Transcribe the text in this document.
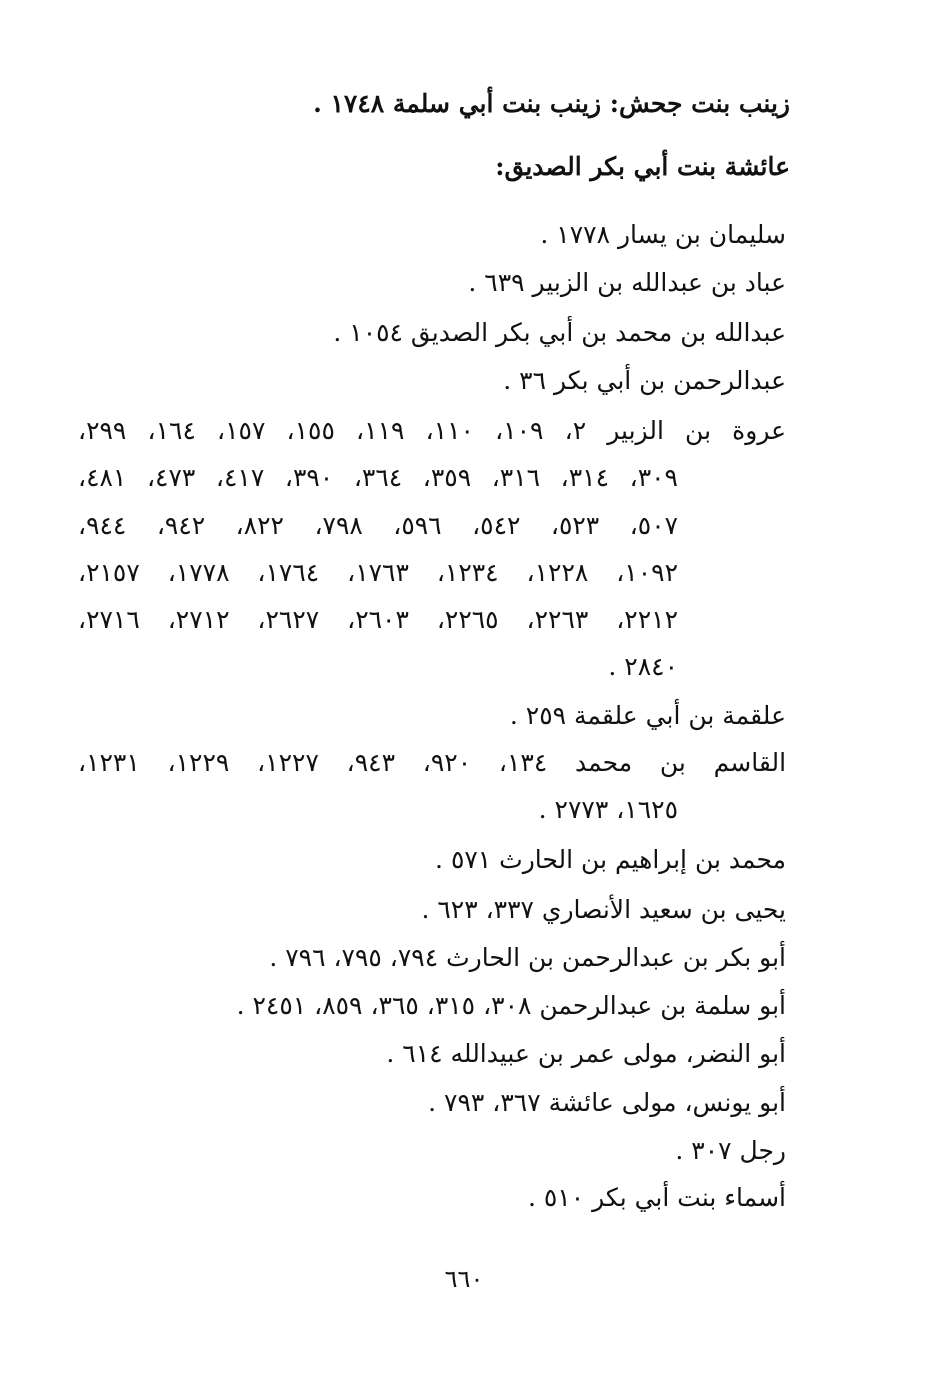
زينب بنت جحش: زينب بنت أبي سلمة ١٧٤٨ .
عائشة بنت أبي بكر الصديق:
سليمان بن يسار ١٧٧٨ .
عباد بن عبدالله بن الزبير ٦٣٩ .
عبدالله بن محمد بن أبي بكر الصديق ١٠٥٤ .
عبدالرحمن بن أبي بكر ٣٦ .
عروة بن الزبير ٢، ١٠٩، ١١٠، ١١٩، ١٥٥، ١٥٧، ١٦٤، ٢٩٩،
٣٠٩، ٣١٤، ٣١٦، ٣٥٩، ٣٦٤، ٣٩٠، ٤١٧، ٤٧٣، ٤٨١،
٥٠٧، ٥٢٣، ٥٤٢، ٥٩٦، ٧٩٨، ٨٢٢، ٩٤٢، ٩٤٤،
١٠٩٢، ١٢٢٨، ١٢٣٤، ١٧٦٣، ١٧٦٤، ١٧٧٨، ٢١٥٧،
٢٢١٢، ٢٢٦٣، ٢٢٦٥، ٢٦٠٣، ٢٦٢٧، ٢٧١٢، ٢٧١٦،
٢٨٤٠ .
علقمة بن أبي علقمة ٢٥٩ .
القاسم بن محمد ١٣٤، ٩٢٠، ٩٤٣، ١٢٢٧، ١٢٢٩، ١٢٣١،
١٦٢٥، ٢٧٧٣ .
محمد بن إبراهيم بن الحارث ٥٧١ .
يحيى بن سعيد الأنصاري ٣٣٧، ٦٢٣ .
أبو بكر بن عبدالرحمن بن الحارث ٧٩٤، ٧٩٥، ٧٩٦ .
أبو سلمة بن عبدالرحمن ٣٠٨، ٣١٥، ٣٦٥، ٨٥٩، ٢٤٥١ .
أبو النضر، مولى عمر بن عبيدالله ٦١٤ .
أبو يونس، مولى عائشة ٣٦٧، ٧٩٣ .
رجل ٣٠٧ .
أسماء بنت أبي بكر ٥١٠ .
٦٦٠
